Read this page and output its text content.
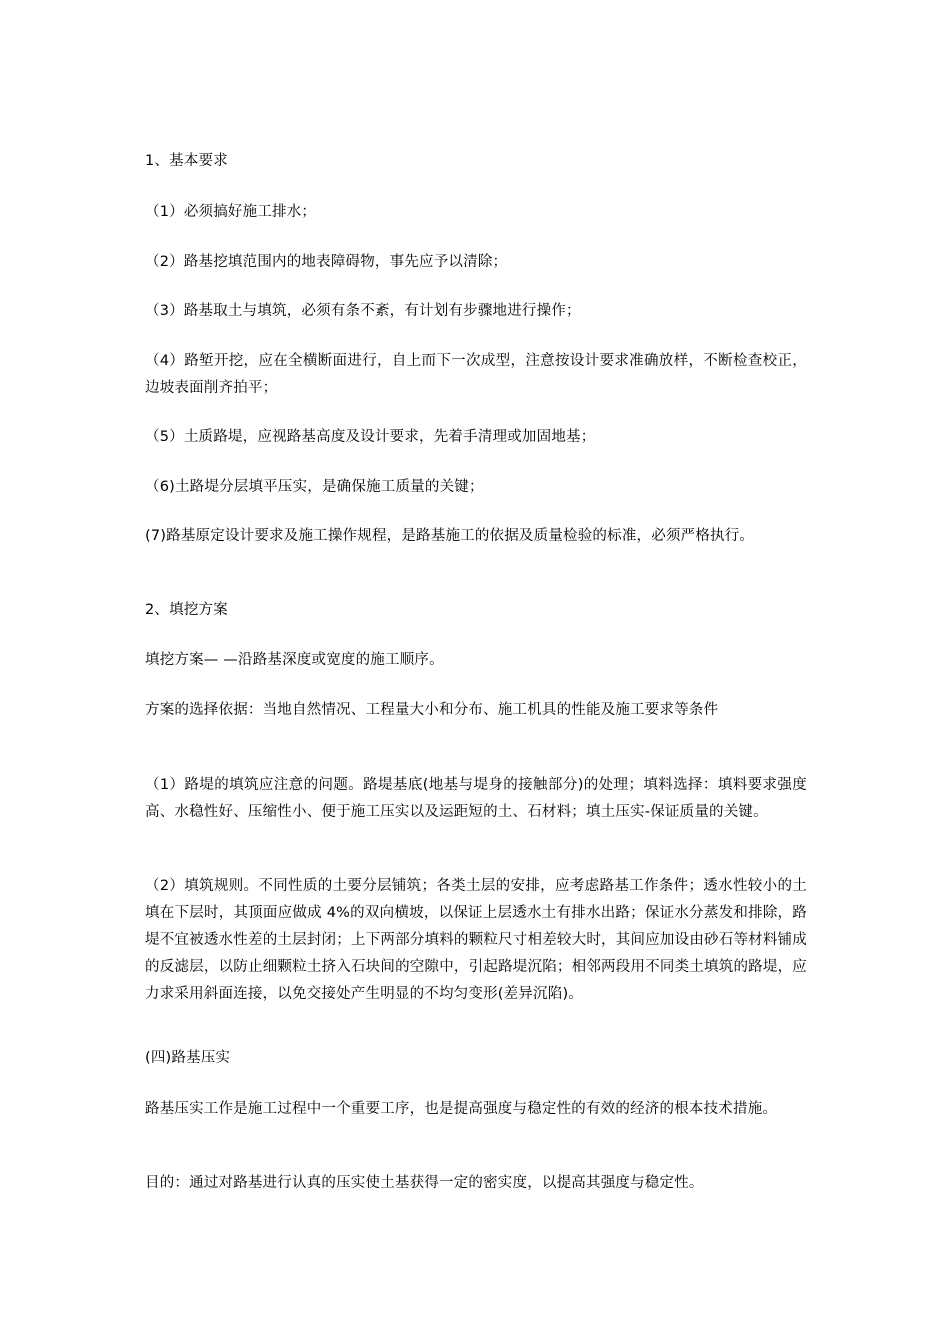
1、基本要求

（1）必须搞好施工排水；

（2）路基挖填范围内的地表障碍物，事先应予以清除；

（3）路基取土与填筑，必须有条不紊，有计划有步骤地进行操作；

（4）路堑开挖，应在全横断面进行，自上而下一次成型，注意按设计要求准确放样，不断检查校正，边坡表面削齐拍平；

（5）土质路堤，应视路基高度及设计要求，先着手清理或加固地基；

（6)土路堤分层填平压实，是确保施工质量的关键；

(7)路基原定设计要求及施工操作规程，是路基施工的依据及质量检验的标准，必须严格执行。

2、填挖方案

填挖方案— —沿路基深度或宽度的施工顺序。

方案的选择依据：当地自然情况、工程量大小和分布、施工机具的性能及施工要求等条件

（1）路堤的填筑应注意的问题。路堤基底(地基与堤身的接触部分)的处理；填料选择：填料要求强度高、水稳性好、压缩性小、便于施工压实以及运距短的土、石材料；填土压实-保证质量的关键。

（2）填筑规则。不同性质的土要分层铺筑；各类土层的安排，应考虑路基工作条件；透水性较小的土填在下层时，其顶面应做成 4%的双向横坡，以保证上层透水土有排水出路；保证水分蒸发和排除，路堤不宜被透水性差的土层封闭；上下两部分填料的颗粒尺寸相差较大时，其间应加设由砂石等材料铺成的反滤层，以防止细颗粒土挤入石块间的空隙中，引起路堤沉陷；相邻两段用不同类土填筑的路堤，应力求采用斜面连接，以免交接处产生明显的不均匀变形(差异沉陷)。

(四)路基压实

路基压实工作是施工过程中一个重要工序，也是提高强度与稳定性的有效的经济的根本技术措施。

目的：通过对路基进行认真的压实使土基获得一定的密实度，以提高其强度与稳定性。
